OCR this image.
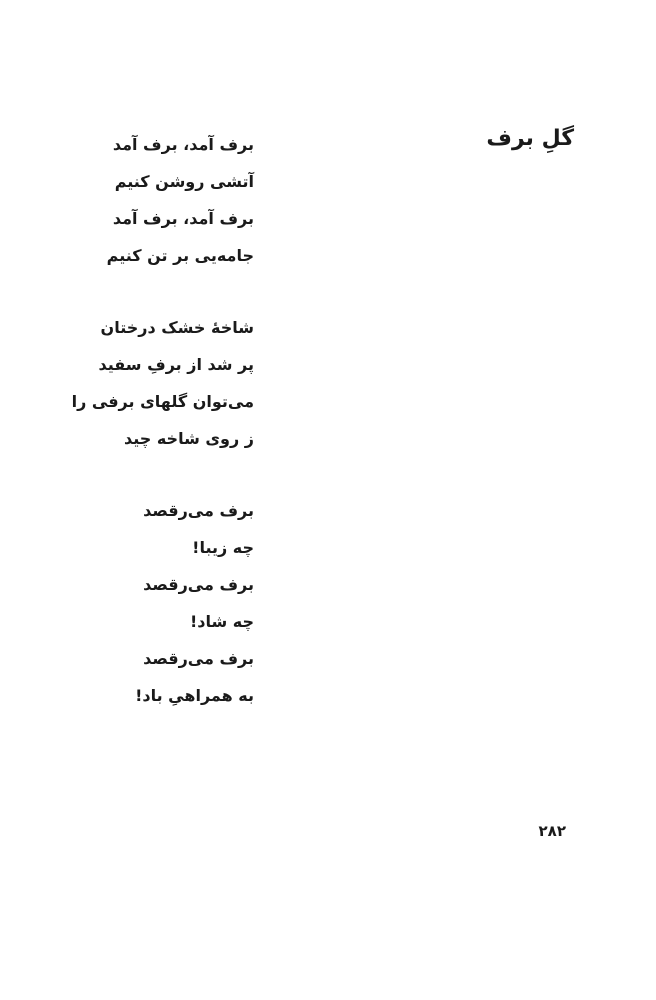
گلِ برف
برف آمد، برف آمد
آتشی روشن کنیم
برف آمد، برف آمد
جامه‌یی بر تن کنیم
شاخهٔ خشک درختان
پر شد از برفِ سفید
می‌توان گلهای برفی را
ز روی شاخه چید
برف می‌رقصد
چه زیبا!
برف می‌رقصد
چه شاد!
برف می‌رقصد
به همراهیِ باد!
۲۸۲
